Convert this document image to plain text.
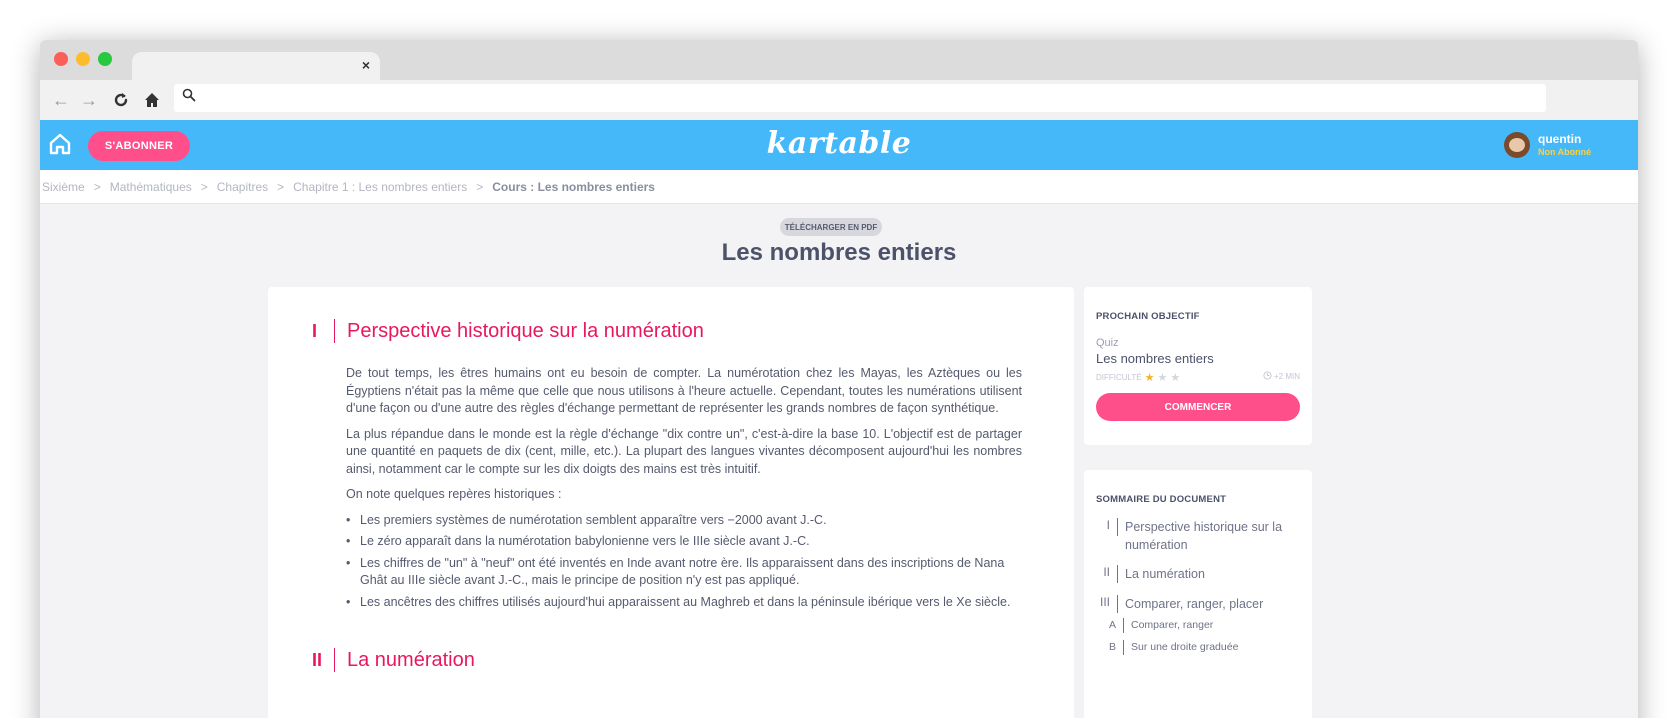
×
← →
S'ABONNER	kartable	quentin
Non Abonné
Sixième > Mathématiques > Chapitres > Chapitre 1 : Les nombres entiers > Cours : Les nombres entiers
TÉLÉCHARGER EN PDF
Les nombres entiers
I	Perspective historique sur la numération

De tout temps, les êtres humains ont eu besoin de compter. La numérotation chez les Mayas, les Aztèques ou les Égyptiens n'était pas la même que celle que nous utilisons à l'heure actuelle. Cependant, toutes les numérations utilisent d'une façon ou d'une autre des règles d'échange permettant de représenter les grands nombres de façon synthétique.

La plus répandue dans le monde est la règle d'échange "dix contre un", c'est-à-dire la base 10. L'objectif est de partager une quantité en paquets de dix (cent, mille, etc.). La plupart des langues vivantes décomposent aujourd'hui les nombres ainsi, notamment car le compte sur les dix doigts des mains est très intuitif.

On note quelques repères historiques :

• Les premiers systèmes de numérotation semblent apparaître vers −2000 avant J.-C.
• Le zéro apparaît dans la numérotation babylonienne vers le IIIe siècle avant J.-C.
• Les chiffres de "un" à "neuf" ont été inventés en Inde avant notre ère. Ils apparaissent dans des inscriptions de Nana Ghât au IIIe siècle avant J.-C., mais le principe de position n'y est pas appliqué.
• Les ancêtres des chiffres utilisés aujourd'hui apparaissent au Maghreb et dans la péninsule ibérique vers le Xe siècle.
II	La numération
PROCHAIN OBJECTIF
Quiz
Les nombres entiers
DIFFICULTÉ ★ ★ ★	+2 MIN
COMMENCER
SOMMAIRE DU DOCUMENT
I Perspective historique sur la numération
II La numération
III Comparer, ranger, placer
A Comparer, ranger
B Sur une droite graduée
